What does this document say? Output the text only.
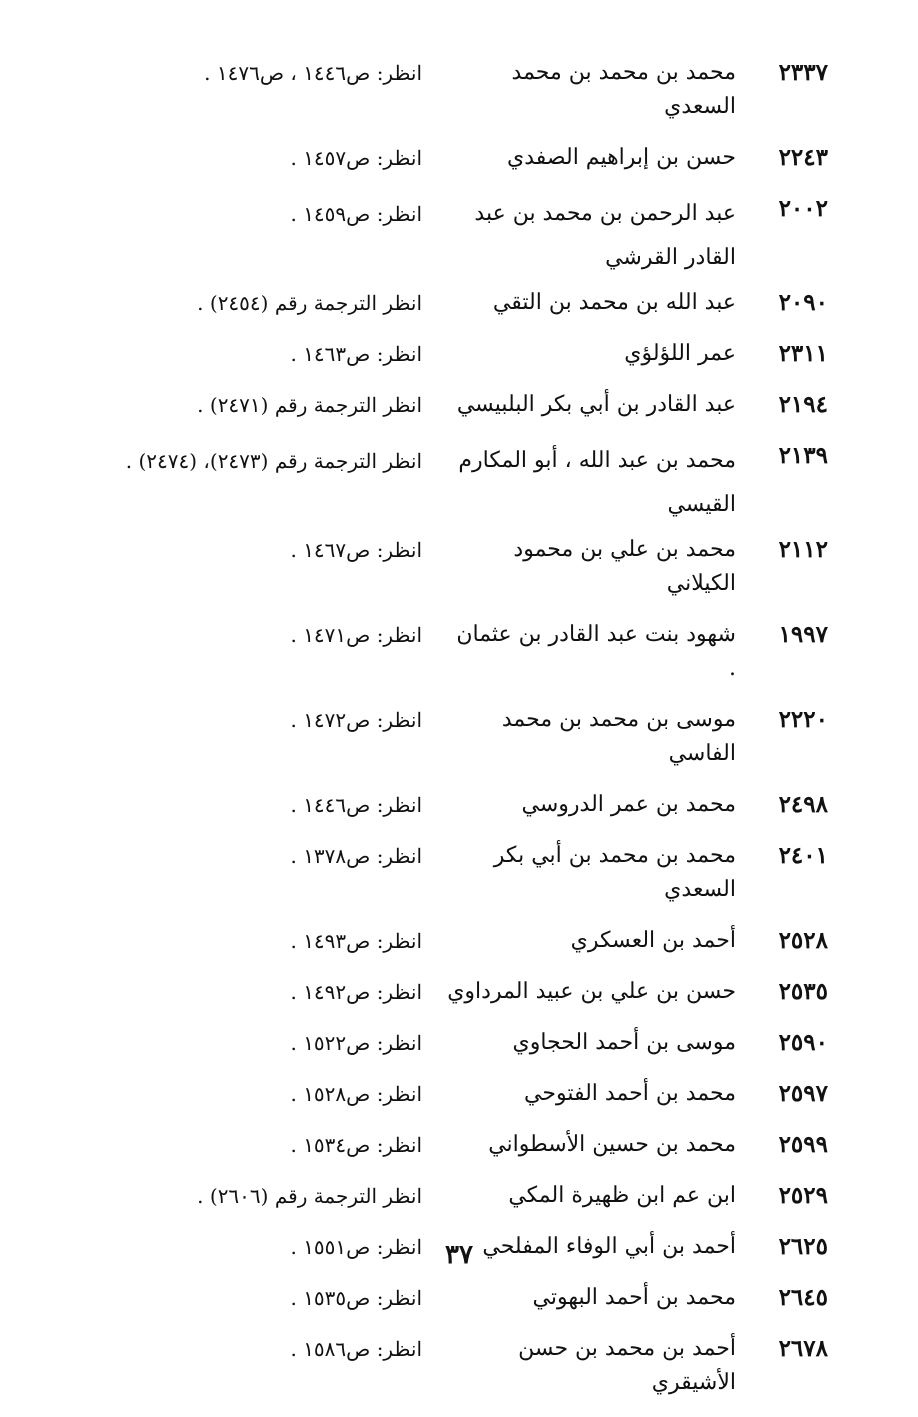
٢٣٣٧
محمد بن محمد بن محمد السعدي
انظر: ص١٤٤٦ ، ص١٤٧٦ .
٢٢٤٣
حسن بن إبراهيم الصفدي
انظر: ص١٤٥٧ .
٢٠٠٢
عبد الرحمن بن محمد بن عبد القادر القرشي
انظر: ص١٤٥٩ .
٢٠٩٠
عبد الله بن محمد بن التقي
انظر الترجمة رقم (٢٤٥٤) .
٢٣١١
عمر اللؤلؤي
انظر: ص١٤٦٣ .
٢١٩٤
عبد القادر بن أبي بكر البلبيسي
انظر الترجمة رقم (٢٤٧١) .
٢١٣٩
محمد بن عبد الله ، أبو المكارم القيسي
انظر الترجمة رقم (٢٤٧٣)، (٢٤٧٤) .
٢١١٢
محمد بن علي بن محمود الكيلاني
انظر: ص١٤٦٧ .
١٩٩٧
شهود بنت عبد القادر بن عثمان .
انظر: ص١٤٧١ .
٢٢٢٠
موسى بن محمد بن محمد الفاسي
انظر: ص١٤٧٢ .
٢٤٩٨
محمد بن عمر الدروسي
انظر: ص١٤٤٦ .
٢٤٠١
محمد بن محمد بن أبي بكر السعدي
انظر: ص١٣٧٨ .
٢٥٢٨
أحمد بن العسكري
انظر: ص١٤٩٣ .
٢٥٣٥
حسن بن علي بن عبيد المرداوي
انظر: ص١٤٩٢ .
٢٥٩٠
موسى بن أحمد الحجاوي
انظر: ص١٥٢٢ .
٢٥٩٧
محمد بن أحمد الفتوحي
انظر: ص١٥٢٨ .
٢٥٩٩
محمد بن حسين الأسطواني
انظر: ص١٥٣٤ .
٢٥٢٩
ابن عم ابن ظهيرة المكي
انظر الترجمة رقم (٢٦٠٦) .
٢٦٢٥
أحمد بن أبي الوفاء المفلحي
انظر: ص١٥٥١ .
٢٦٤٥
محمد بن أحمد البهوتي
انظر: ص١٥٣٥ .
٢٦٧٨
أحمد بن محمد بن حسن الأشيقري
انظر: ص١٥٨٦ .
٣٧
